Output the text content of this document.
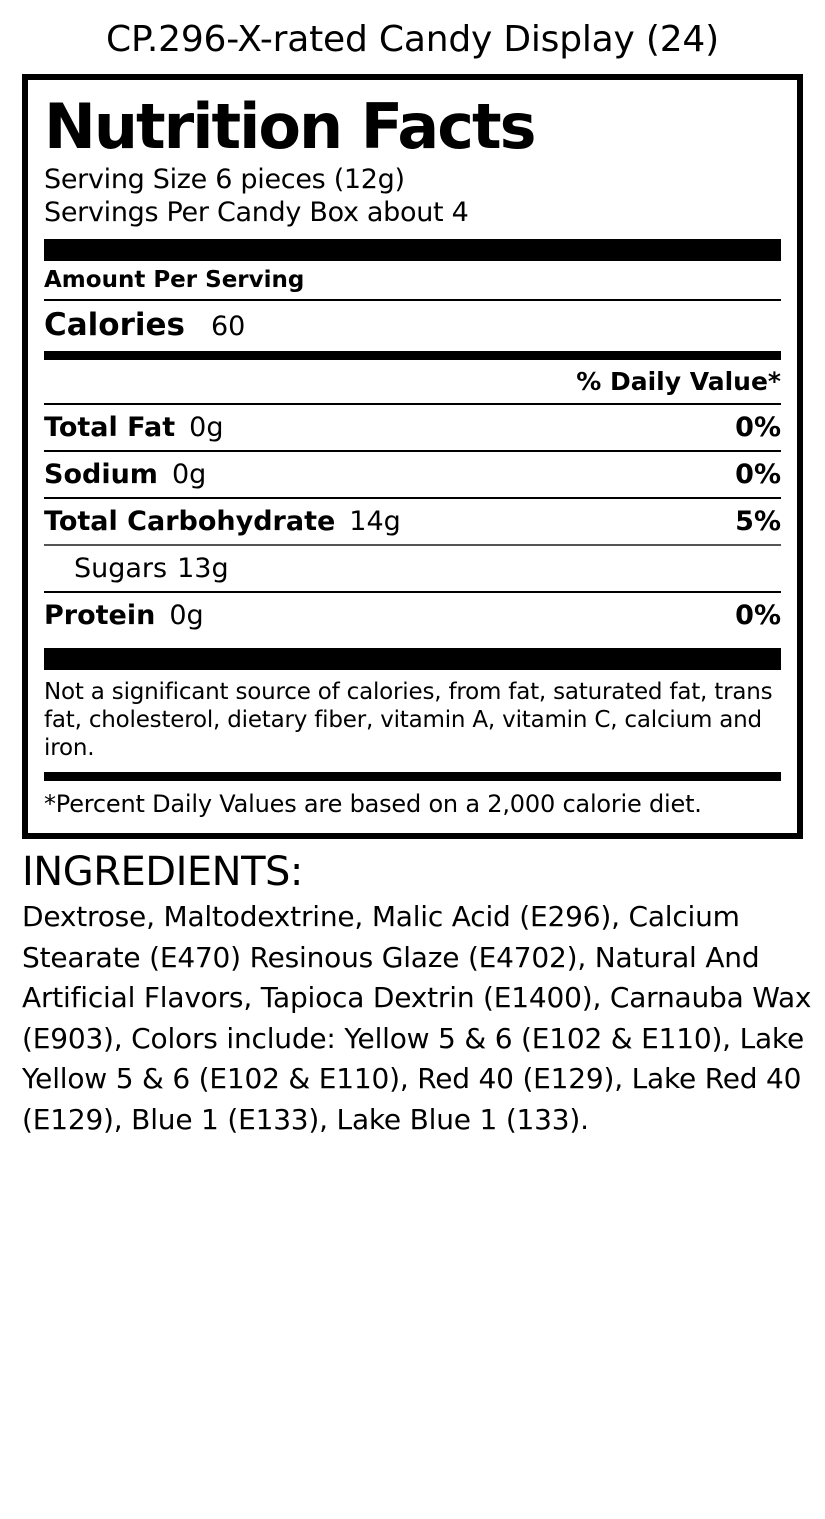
CP.296-X-rated Candy Display (24)
Nutrition Facts
Serving Size 6 pieces (12g)
Servings Per Candy Box about 4
Amount Per Serving
Calories 60
% Daily Value*
Total Fat 0g	0%
Sodium 0g	0%
Total Carbohydrate 14g	5%
Sugars 13g
Protein 0g	0%
Not a significant source of calories, from fat, saturated fat, trans fat, cholesterol, dietary fiber, vitamin A, vitamin C, calcium and iron.
*Percent Daily Values are based on a 2,000 calorie diet.
INGREDIENTS:
Dextrose, Maltodextrine, Malic Acid (E296), Calcium Stearate (E470) Resinous Glaze (E4702), Natural And Artificial Flavors, Tapioca Dextrin (E1400), Carnauba Wax (E903), Colors include: Yellow 5 & 6 (E102 & E110), Lake Yellow 5 & 6 (E102 & E110), Red 40 (E129), Lake Red 40 (E129), Blue 1 (E133), Lake Blue 1 (133).
